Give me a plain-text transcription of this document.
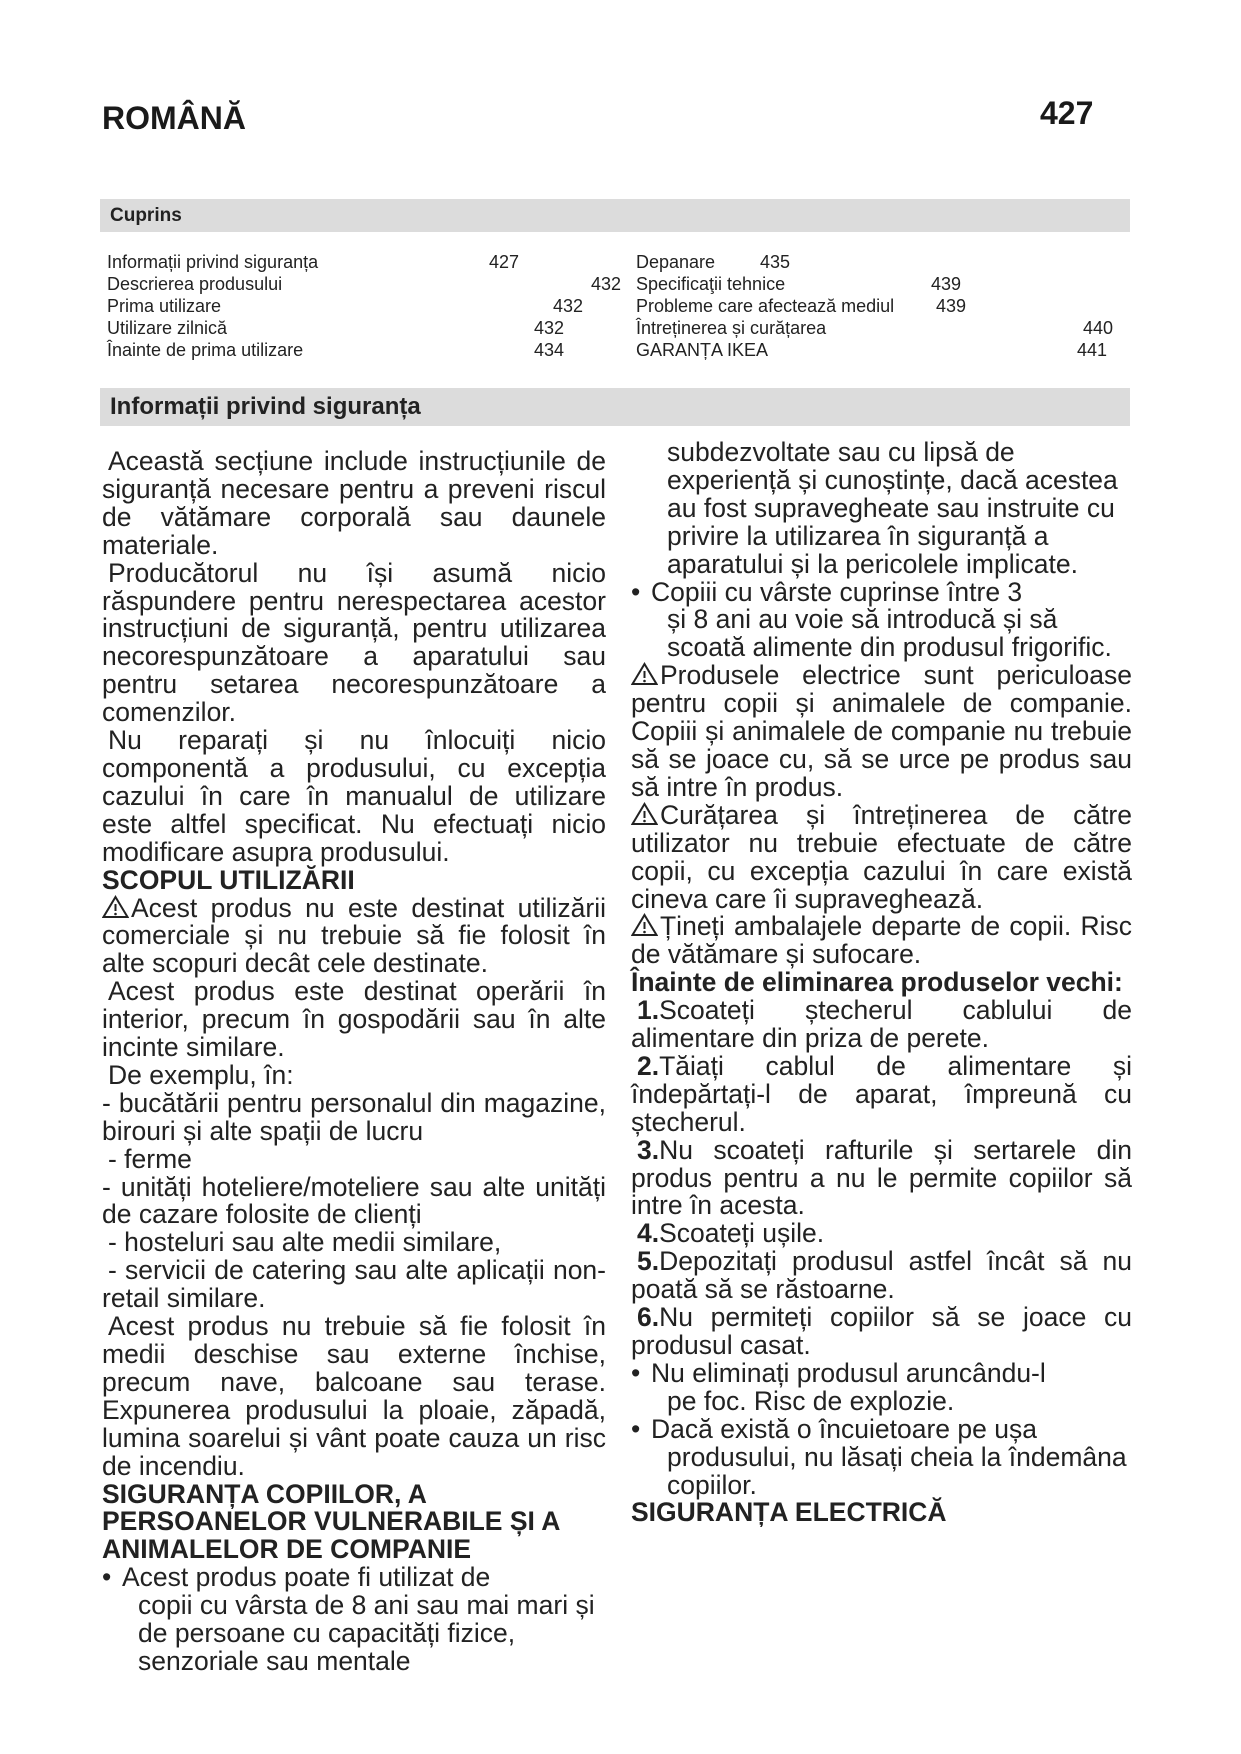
ROMÂNĂ	427
Cuprins
Informații privind siguranța	427
Descrierea produsului	432
Prima utilizare	432
Utilizare zilnică	432
Înainte de prima utilizare	434
Depanare 435
Specificaţii tehnice	439
Probleme care afectează mediul 439
Întreținerea și curățarea	440
GARANȚA IKEA	441
Informații privind siguranța

Această secțiune include instrucțiunile de siguranță necesare pentru a preveni riscul de vătămare corporală sau daunele materiale.

Producătorul nu își asumă nicio răspundere pentru nerespectarea acestor instrucțiuni de siguranță, pentru utilizarea necorespunzătoare a aparatului sau pentru setarea necorespunzătoare a comenzilor.

Nu reparați și nu înlocuiți nicio componentă a produsului, cu excepția cazului în care în manualul de utilizare este altfel specificat. Nu efectuați nicio modificare asupra produsului.

SCOPUL UTILIZĂRII

Acest produs nu este destinat utilizării comerciale și nu trebuie să fie folosit în alte scopuri decât cele destinate.

Acest produs este destinat operării în interior, precum în gospodării sau în alte incinte similare.

De exemplu, în:

- bucătării pentru personalul din magazine, birouri și alte spații de lucru

- ferme

- unități hoteliere/moteliere sau alte unități de cazare folosite de clienți

- hosteluri sau alte medii similare,

- servicii de catering sau alte aplicații non-retail similare.

Acest produs nu trebuie să fie folosit în medii deschise sau externe închise, precum nave, balcoane sau terase. Expunerea produsului la ploaie, zăpadă, lumina soarelui și vânt poate cauza un risc de incendiu.

SIGURANȚA COPIILOR, A PERSOANELOR VULNERABILE ȘI A ANIMALELOR DE COMPANIE

• Acest produs poate fi utilizat de
copii cu vârsta de 8 ani sau mai mari și de persoane cu capacități fizice, senzoriale sau mentale

subdezvoltate sau cu lipsă de experiență și cunoștințe, dacă acestea au fost supravegheate sau instruite cu privire la utilizarea în siguranță a aparatului și la pericolele implicate.

• Copiii cu vârste cuprinse între 3
și 8 ani au voie să introducă și să scoată alimente din produsul frigorific.

Produsele electrice sunt periculoase pentru copii și animalele de companie. Copiii și animalele de companie nu trebuie să se joace cu, să se urce pe produs sau să intre în produs.

Curățarea și întreținerea de către utilizator nu trebuie efectuate de către copii, cu excepția cazului în care există cineva care îi supraveghează.

Țineți ambalajele departe de copii. Risc de vătămare și sufocare.

Înainte de eliminarea produselor vechi:

1.Scoateți ștecherul cablului de alimentare din priza de perete.

2.Tăiați cablul de alimentare și îndepărtați-l de aparat, împreună cu ștecherul.

3.Nu scoateți rafturile și sertarele din produs pentru a nu le permite copiilor să intre în acesta.

4.Scoateți ușile.

5.Depozitați produsul astfel încât să nu poată să se răstoarne.

6.Nu permiteți copiilor să se joace cu produsul casat.

• Nu eliminați produsul aruncându-l
pe foc. Risc de explozie.

• Dacă există o încuietoare pe ușa
produsului, nu lăsați cheia la îndemâna copiilor.

SIGURANȚA ELECTRICĂ
